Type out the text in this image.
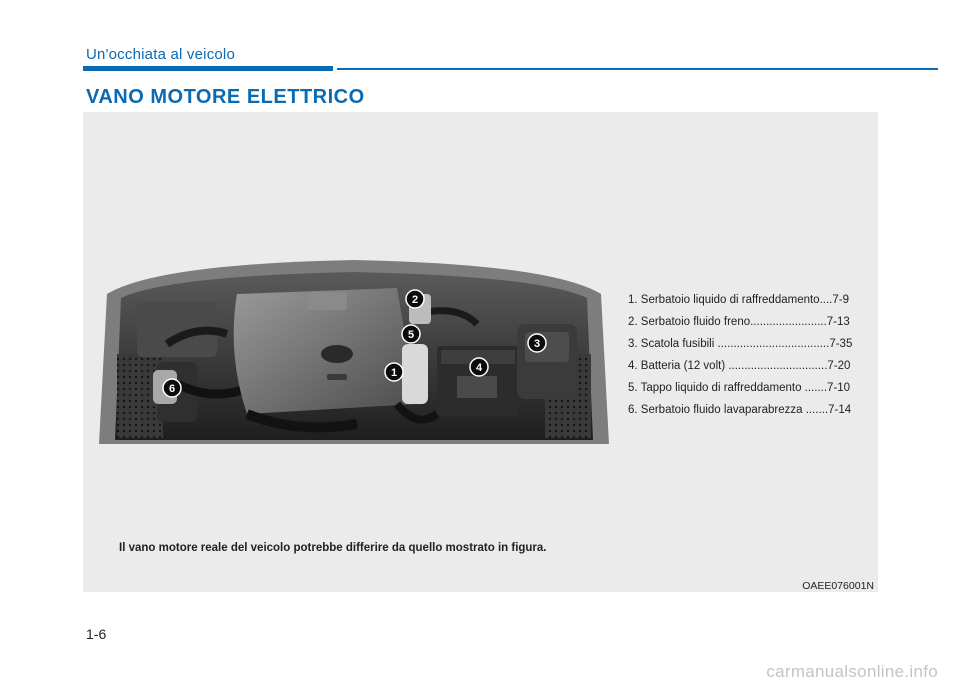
Un'occhiata al veicolo
VANO MOTORE ELETTRICO
1
2
3
4
5
6
1. Serbatoio liquido di raffreddamento....7-9
2. Serbatoio fluido freno........................7-13
3. Scatola fusibili ...................................7-35
4. Batteria (12 volt) ...............................7-20
5. Tappo liquido di raffreddamento .......7-10
6. Serbatoio fluido lavaparabrezza .......7-14
Il vano motore reale del veicolo potrebbe differire da quello mostrato in figura.
OAEE076001N
1-6
carmanualsonline.info
